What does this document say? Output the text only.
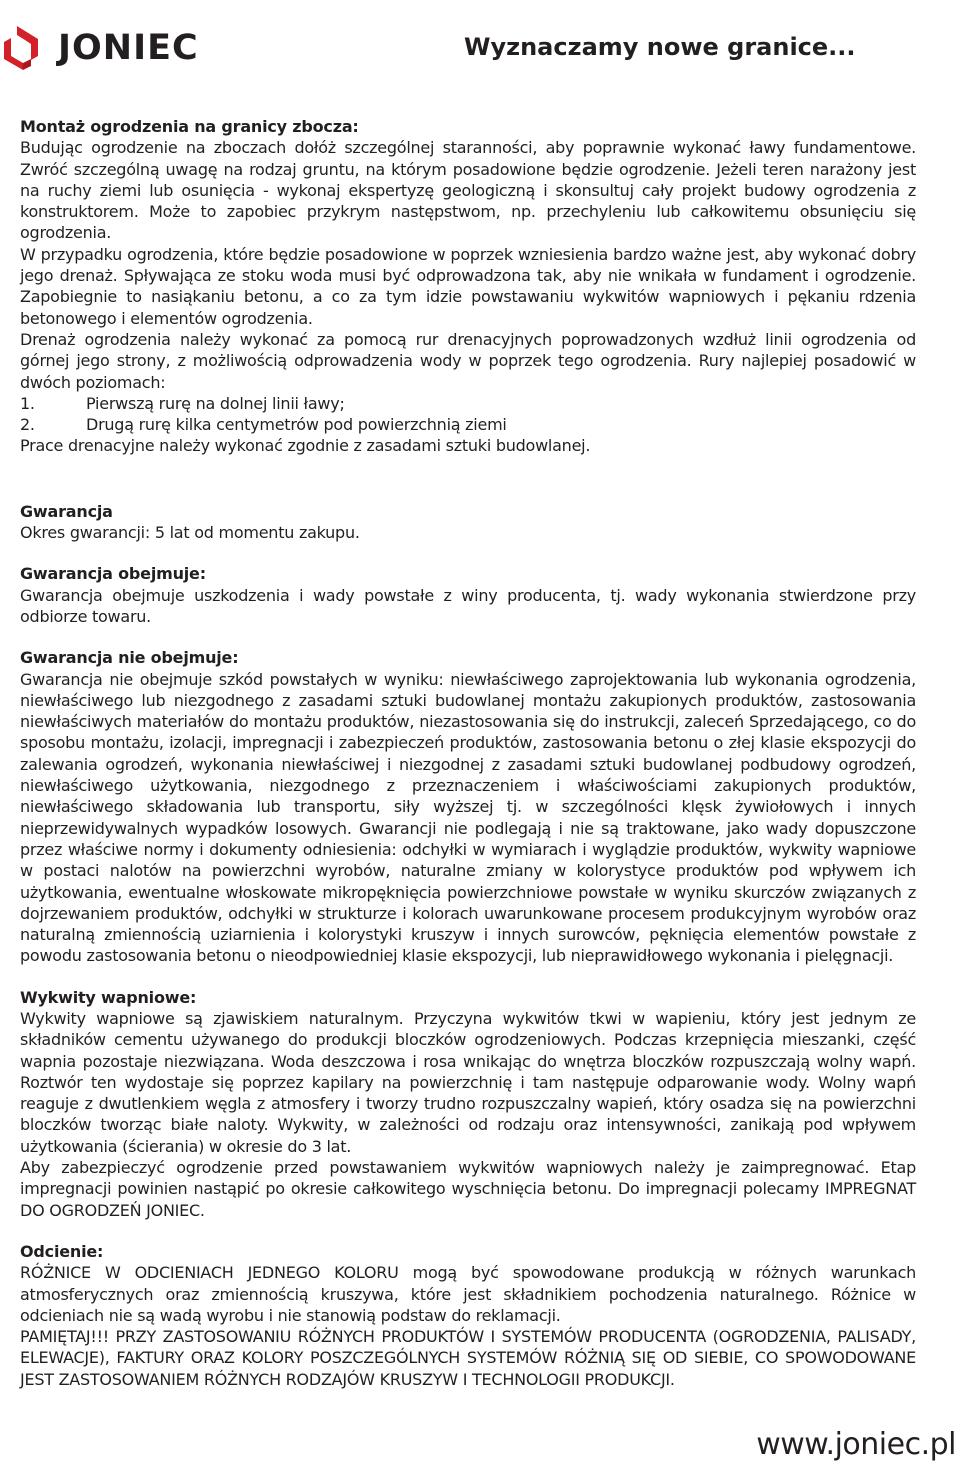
JONIEC	Wyznaczamy nowe granice...
Montaż ogrodzenia na granicy zbocza:

Budując ogrodzenie na zboczach dołóż szczególnej staranności, aby poprawnie wykonać ławy fundamentowe. Zwróć szczególną uwagę na rodzaj gruntu, na którym posadowione będzie ogrodzenie. Jeżeli teren narażony jest na ruchy ziemi lub osunięcia - wykonaj ekspertyzę geologiczną i skonsultuj cały projekt budowy ogrodzenia z konstruktorem. Może to zapobiec przykrym następstwom, np. przechyleniu lub całkowitemu obsunięciu się ogrodzenia.

W przypadku ogrodzenia, które będzie posadowione w poprzek wzniesienia bardzo ważne jest, aby wykonać dobry jego drenaż. Spływająca ze stoku woda musi być odprowadzona tak, aby nie wnikała w fundament i ogrodzenie. Zapobiegnie to nasiąkaniu betonu, a co za tym idzie powstawaniu wykwitów wapniowych i pękaniu rdzenia betonowego i elementów ogrodzenia.

Drenaż ogrodzenia należy wykonać za pomocą rur drenacyjnych poprowadzonych wzdłuż linii ogrodzenia od górnej jego strony, z możliwością odprowadzenia wody w poprzek tego ogrodzenia. Rury najlepiej posadowić w dwóch poziomach:

1.	Pierwszą rurę na dolnej linii ławy;
2.	Drugą rurę kilka centymetrów pod powierzchnią ziemi

Prace drenacyjne należy wykonać zgodnie z zasadami sztuki budowlanej.

Gwarancja

Okres gwarancji: 5 lat od momentu zakupu.

Gwarancja obejmuje:

Gwarancja obejmuje uszkodzenia i wady powstałe z winy producenta, tj. wady wykonania stwierdzone przy odbiorze towaru.

Gwarancja nie obejmuje:

Gwarancja nie obejmuje szkód powstałych w wyniku: niewłaściwego zaprojektowania lub wykonania ogrodzenia, niewłaściwego lub niezgodnego z zasadami sztuki budowlanej montażu zakupionych produktów, zastosowania niewłaściwych materiałów do montażu produktów, niezastosowania się do instrukcji, zaleceń Sprzedającego, co do sposobu montażu, izolacji, impregnacji i zabezpieczeń produktów, zastosowania betonu o złej klasie ekspozycji do zalewania ogrodzeń, wykonania niewłaściwej i niezgodnej z zasadami sztuki budowlanej podbudowy ogrodzeń, niewłaściwego użytkowania, niezgodnego z przeznaczeniem i właściwościami zakupionych produktów, niewłaściwego składowania lub transportu, siły wyższej tj. w szczególności klęsk żywiołowych i innych nieprzewidywalnych wypadków losowych. Gwarancji nie podlegają i nie są traktowane, jako wady dopuszczone przez właściwe normy i dokumenty odniesienia: odchyłki w wymiarach i wyglądzie produktów, wykwity wapniowe w postaci nalotów na powierzchni wyrobów, naturalne zmiany w kolorystyce produktów pod wpływem ich użytkowania, ewentualne włoskowate mikropęknięcia powierzchniowe powstałe w wyniku skurczów związanych z dojrzewaniem produktów, odchyłki w strukturze i kolorach uwarunkowane procesem produkcyjnym wyrobów oraz naturalną zmiennością uziarnienia i kolorystyki kruszyw i innych surowców, pęknięcia elementów powstałe z powodu zastosowania betonu o nieodpowiedniej klasie ekspozycji, lub nieprawidłowego wykonania i pielęgnacji.

Wykwity wapniowe:

Wykwity wapniowe są zjawiskiem naturalnym. Przyczyna wykwitów tkwi w wapieniu, który jest jednym ze składników cementu używanego do produkcji bloczków ogrodzeniowych. Podczas krzepnięcia mieszanki, część wapnia pozostaje niezwiązana. Woda deszczowa i rosa wnikając do wnętrza bloczków rozpuszczają wolny wapń. Roztwór ten wydostaje się poprzez kapilary na powierzchnię i tam następuje odparowanie wody. Wolny wapń reaguje z dwutlenkiem węgla z atmosfery i tworzy trudno rozpuszczalny wapień, który osadza się na powierzchni bloczków tworząc białe naloty. Wykwity, w zależności od rodzaju oraz intensywności, zanikają pod wpływem użytkowania (ścierania) w okresie do 3 lat.

Aby zabezpieczyć ogrodzenie przed powstawaniem wykwitów wapniowych należy je zaimpregnować. Etap impregnacji powinien nastąpić po okresie całkowitego wyschnięcia betonu. Do impregnacji polecamy IMPREGNAT DO OGRODZEŃ JONIEC.

Odcienie:

RÓŻNICE W ODCIENIACH JEDNEGO KOLORU mogą być spowodowane produkcją w różnych warunkach atmosferycznych oraz zmiennością kruszywa, które jest składnikiem pochodzenia naturalnego. Różnice w odcieniach nie są wadą wyrobu i nie stanowią podstaw do reklamacji.

PAMIĘTAJ!!! PRZY ZASTOSOWANIU RÓŻNYCH PRODUKTÓW I SYSTEMÓW PRODUCENTA (OGRODZENIA, PALISADY, ELEWACJE), FAKTURY ORAZ KOLORY POSZCZEGÓLNYCH SYSTEMÓW RÓŻNIĄ SIĘ OD SIEBIE, CO SPOWODOWANE JEST ZASTOSOWANIEM RÓŻNYCH RODZAJÓW KRUSZYW I TECHNOLOGII PRODUKCJI.

www.joniec.pl
